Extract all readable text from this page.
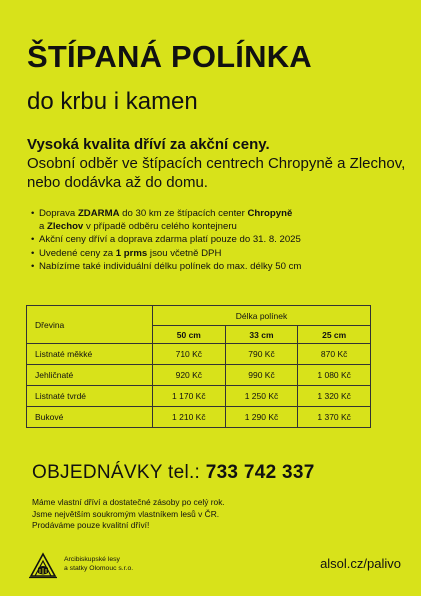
ŠTÍPANÁ POLÍNKA
do krbu i kamen
Vysoká kvalita dříví za akční ceny.
Osobní odběr ve štípacích centrech Chropyně a Zlechov, nebo dodávka až do domu.
• Doprava ZDARMA do 30 km ze štípacích center Chropyně
a Zlechov v případě odběru celého kontejneru
• Akční ceny dříví a doprava zdarma platí pouze do 31. 8. 2025
• Uvedené ceny za 1 prms jsou včetně DPH
• Nabízíme také individuální délku polínek do max. délky 50 cm
Dřevina	Délka polínek		
	50 cm	33 cm	25 cm
Listnaté měkké	710 Kč	790 Kč	870 Kč
Jehličnaté	920 Kč	990 Kč	1 080 Kč
Listnaté tvrdé	1 170 Kč	1 250 Kč	1 320 Kč
Bukové	1 210 Kč	1 290 Kč	1 370 Kč
OBJEDNÁVKY tel.: 733 742 337
Máme vlastní dříví a dostatečné zásoby po celý rok.
Jsme největším soukromým vlastníkem lesů v ČR.
Prodáváme pouze kvalitní dříví!
Arcibiskupské lesy
a statky Olomouc s.r.o.	alsol.cz/palivo
